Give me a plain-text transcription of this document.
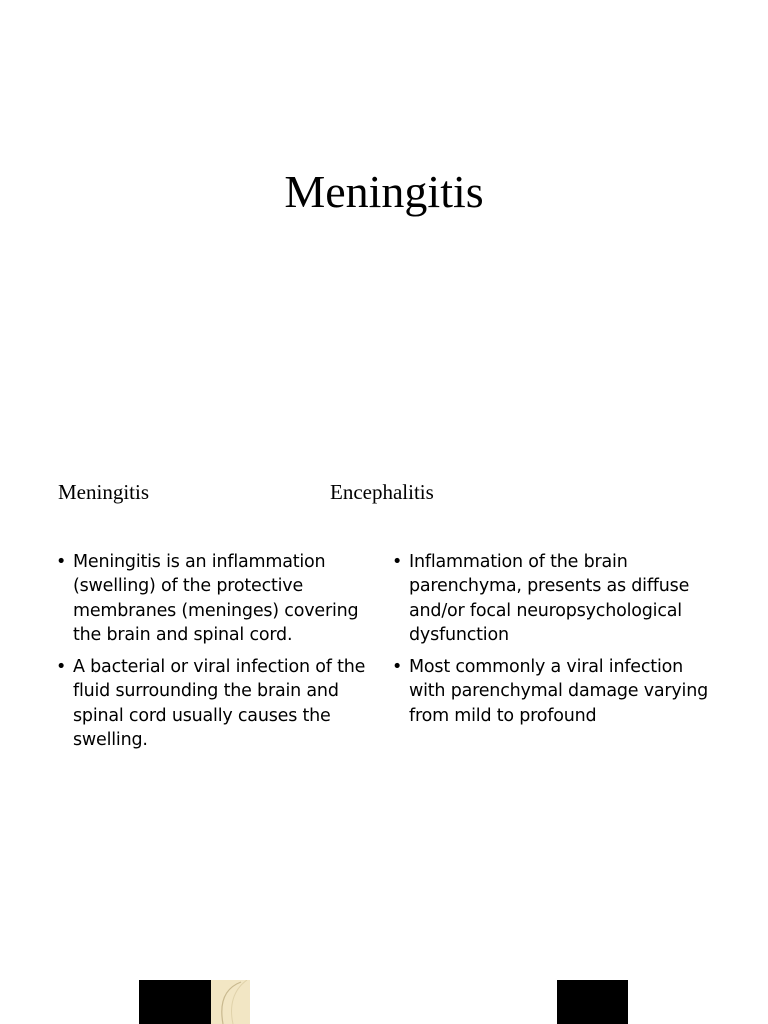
Meningitis
Meningitis	Encephalitis
• Meningitis is an inflammation (swelling) of the protective membranes (meninges) covering the brain and spinal cord.
• A bacterial or viral infection of the fluid surrounding the brain and spinal cord usually causes the swelling.
• Inflammation of the brain parenchyma, presents as diffuse and/or focal neuropsychological dysfunction
• Most commonly a viral infection with parenchymal damage varying from mild to profound
